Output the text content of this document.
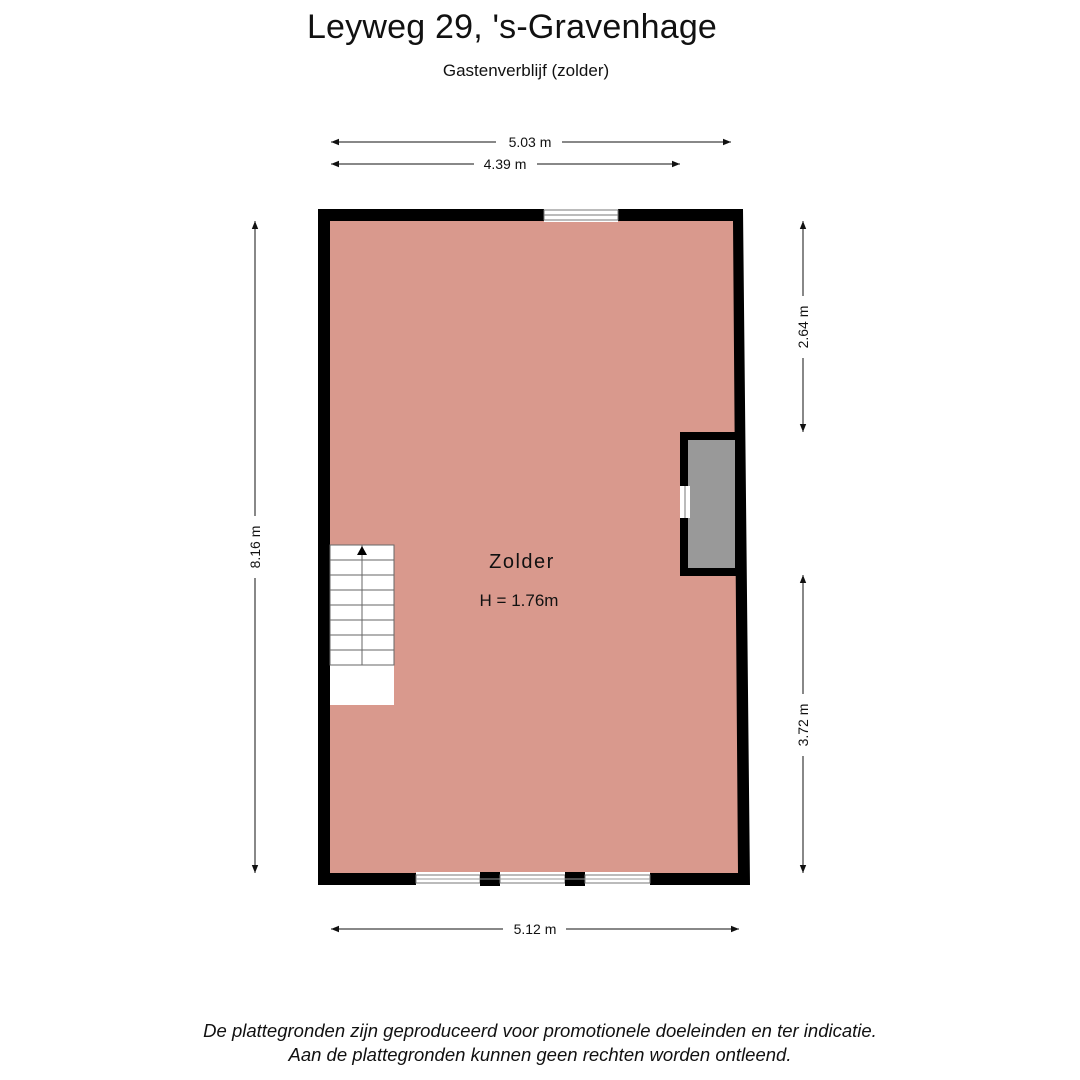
Leyweg 29, 's-Gravenhage
Gastenverblijf (zolder)
Zolder
H = 1.76m
5.03 m
4.39 m
8.16 m
2.64 m
3.72 m
5.12 m
De plattegronden zijn geproduceerd voor promotionele doeleinden en ter indicatie.
Aan de plattegronden kunnen geen rechten worden ontleend.
